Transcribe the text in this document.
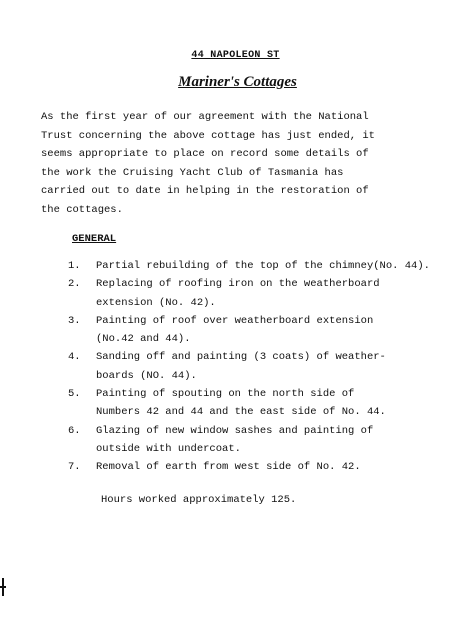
44 NAPOLEON ST
Mariner's Cottages
As the first year of our agreement with the National
Trust concerning the above cottage has just ended, it
seems appropriate to place on record some details of
the work the Cruising Yacht Club of Tasmania has
carried out to date in helping in the restoration of
the cottages.
GENERAL
1.	Partial rebuilding of the top of the chimney(No. 44).
2.	Replacing of roofing iron on the weatherboard
extension (No. 42).
3.	Painting of roof over weatherboard extension
(No.42 and 44).
4.	Sanding off and painting (3 coats) of weather-
boards (NO. 44).
5.	Painting of spouting on the north side of
Numbers 42 and 44 and the east side of No. 44.
6.	Glazing of new window sashes and painting of
outside with undercoat.
7.	Removal of earth from west side of No. 42.
Hours worked approximately 125.
